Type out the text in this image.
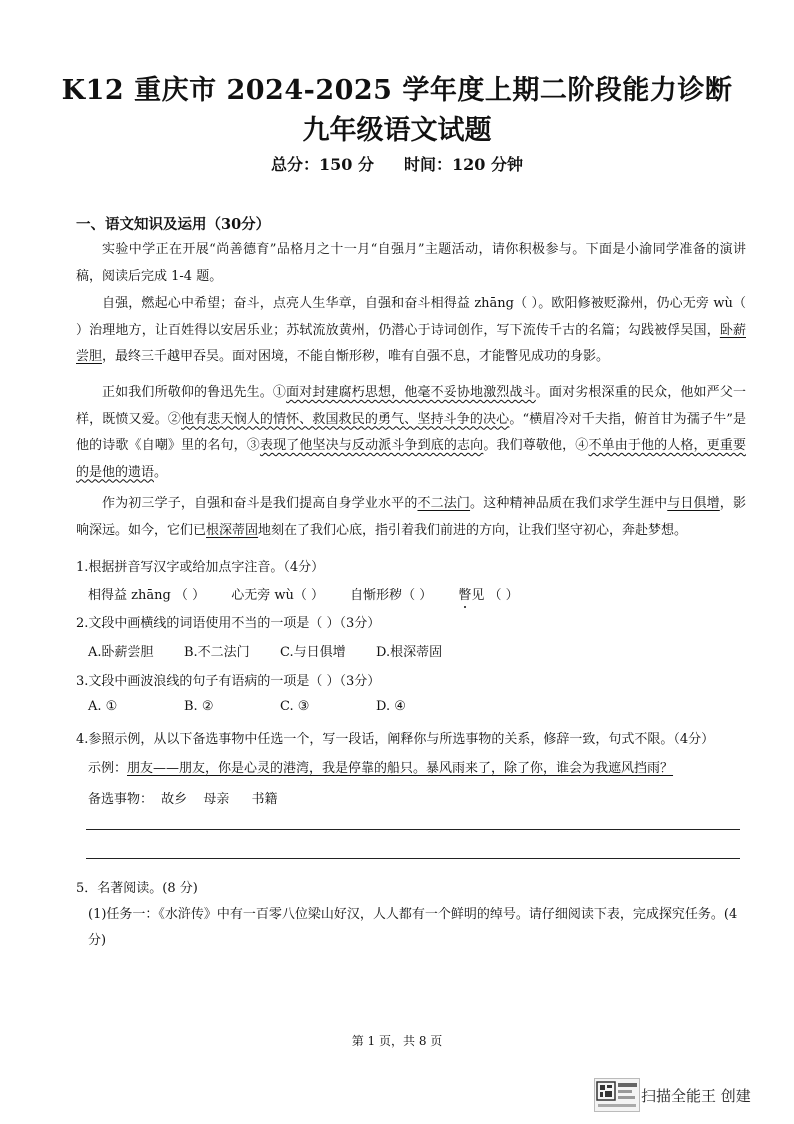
K12 重庆市 2024-2025 学年度上期二阶段能力诊断
九年级语文试题
总分：150 分 时间：120 分钟
一、语文知识及运用（30分）

实验中学正在开展“尚善德育”品格月之十一月“自强月”主题活动，请你积极参与。下面是小渝同学准备的演讲稿，阅读后完成 1-4 题。

自强，燃起心中希望；奋斗，点亮人生华章，自强和奋斗相得益 zhāng（ ）。欧阳修被贬滁州，仍心无旁 wù（ ）治理地方，让百姓得以安居乐业；苏轼流放黄州，仍潜心于诗词创作，写下流传千古的名篇；勾践被俘吴国，卧薪尝胆，最终三千越甲吞吴。面对困境，不能自惭形秽，唯有自强不息，才能瞥见成功的身影。

正如我们所敬仰的鲁迅先生。①面对封建腐朽思想，他毫不妥协地激烈战斗。面对劣根深重的民众，他如严父一样，既愤又爱。②他有悲天悯人的情怀、救国救民的勇气、坚持斗争的决心。“横眉冷对千夫指，俯首甘为孺子牛”是他的诗歌《自嘲》里的名句，③表现了他坚决与反动派斗争到底的志向。我们尊敬他，④不单由于他的人格，更重要的是他的遗语。

作为初三学子，自强和奋斗是我们提高自身学业水平的不二法门。这种精神品质在我们求学生涯中与日俱增，影响深远。如今，它们已根深蒂固地刻在了我们心底，指引着我们前进的方向，让我们坚守初心，奔赴梦想。

1.根据拼音写汉字或给加点字注音。（4分）
相得益 zhāng （ ） 心无旁 wù（ ） 自惭形秽（ ） 瞥见 （ ）
2.文段中画横线的词语使用不当的一项是（ ）（3分）
A.卧薪尝胆 B.不二法门 C.与日俱增 D.根深蒂固
3.文段中画波浪线的句子有语病的一项是（ ）（3分）
A. ①	B. ②	C. ③	D. ④
4.参照示例，从以下备选事物中任选一个，写一段话，阐释你与所选事物的关系，修辞一致，句式不限。（4分）
示例：朋友——朋友，你是心灵的港湾，我是停靠的船只。暴风雨来了，除了你，谁会为我遮风挡雨？
备选事物： 故乡 母亲 书籍
5．名著阅读。(8 分)
(1)任务一：《水浒传》中有一百零八位梁山好汉，人人都有一个鲜明的绰号。请仔细阅读下表，完成探究任务。(4分)
第 1 页，共 8 页
扫描全能王 创建
